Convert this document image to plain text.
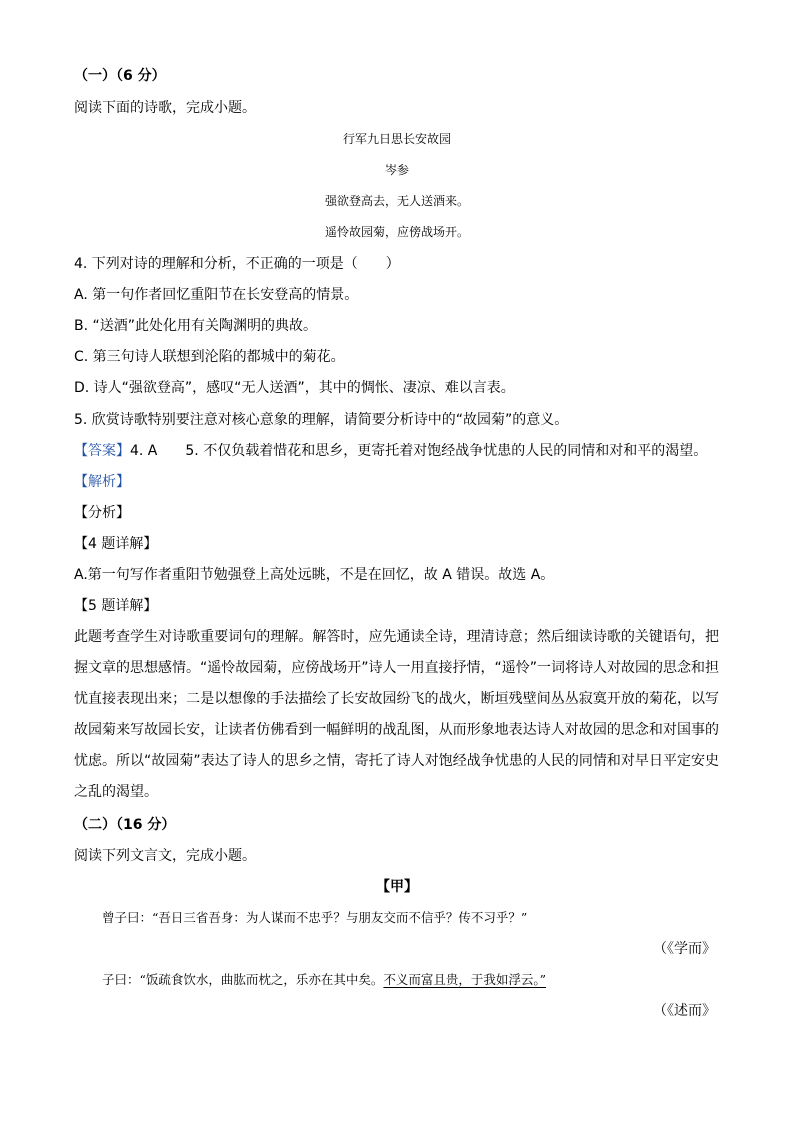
（一）（6 分）
阅读下面的诗歌，完成小题。
行军九日思长安故园
岑参
强欲登高去，无人送酒来。
遥怜故园菊，应傍战场开。
4. 下列对诗的理解和分析，不正确的一项是（　　）
A. 第一句作者回忆重阳节在长安登高的情景。
B. “送酒”此处化用有关陶渊明的典故。
C. 第三句诗人联想到沦陷的都城中的菊花。
D. 诗人“强欲登高”，感叹“无人送酒”，其中的惆怅、凄凉、难以言表。
5. 欣赏诗歌特别要注意对核心意象的理解，请简要分析诗中的“故园菊”的意义。
【答案】4. A　　5. 不仅负载着惜花和思乡，更寄托着对饱经战争忧患的人民的同情和对和平的渴望。
【解析】
【分析】
【4 题详解】
A.第一句写作者重阳节勉强登上高处远眺，不是在回忆，故 A 错误。故选 A。
【5 题详解】
此题考查学生对诗歌重要词句的理解。解答时，应先通读全诗，理清诗意；然后细读诗歌的关键语句，把握文章的思想感情。“遥怜故园菊，应傍战场开”诗人一用直接抒情，“遥怜”一词将诗人对故园的思念和担忧直接表现出来；二是以想像的手法描绘了长安故园纷飞的战火，断垣残壁间丛丛寂寞开放的菊花，以写故园菊来写故园长安，让读者仿佛看到一幅鲜明的战乱图，从而形象地表达诗人对故园的思念和对国事的忧虑。所以“故园菊”表达了诗人的思乡之情，寄托了诗人对饱经战争忧患的人民的同情和对早日平定安史之乱的渴望。
（二）（16 分）
阅读下列文言文，完成小题。
【甲】
曾子曰：“吾日三省吾身：为人谋而不忠乎？与朋友交而不信乎？传不习乎？”
（《学而》
子曰：“饭疏食饮水，曲肱而枕之，乐亦在其中矣。不义而富且贵，于我如浮云。”
（《述而》
